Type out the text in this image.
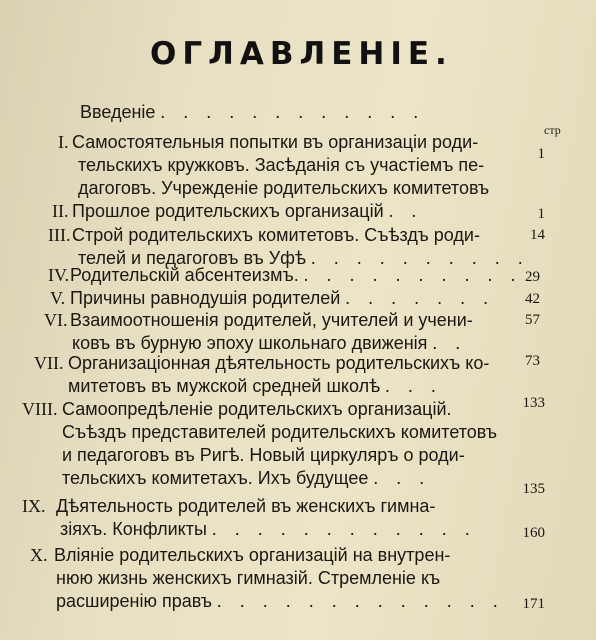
ОГЛАВЛЕНIЕ.
стр
Введенiе . . . . . . . . . . . .
I. Самостоятельныя попытки въ организацiи роди-
тельскихъ кружковъ. Засѣданiя съ участiемъ пе-
дагоговъ. Учрежденiе родительскихъ комитетовъ
1
II. Прошлое родительскихъ организацiй . .	1
III. Строй родительскихъ комитетовъ. Съѣздъ роди-
телей и педагоговъ въ Уфѣ . . . . . . . . . .
14
IV. Родительскiй абсентеизмъ. . . . . . . . . . . 29
V. Причины равнодушiя родителей . . . . . . .	42
VI. Взаимоотношенiя родителей, учителей и учени-
ковъ въ бурную эпоху школьнаго движенiя . .
57
VII. Организацiонная дѣятельность родительскихъ ко-
митетовъ въ мужской средней школѣ . . .
73
VIII. Самоопредѣленiе родительскихъ организацiй.
Съѣздъ представителей родительскихъ комитетовъ
и педагоговъ въ Ригѣ. Новый циркуляръ о роди-
тельскихъ комитетахъ. Ихъ будущее . . .
133
IX. Дѣятельность родителей въ женскихъ гимна-
зiяхъ. Конфликты . . . . . . . . . . . .
135
X. Влiянiе родительскихъ организацiй на внутрен-
нюю жизнь женскихъ гимназiй. Стремленiе къ
расширенiю правъ . . . . . . . . . . . . .
160
171
